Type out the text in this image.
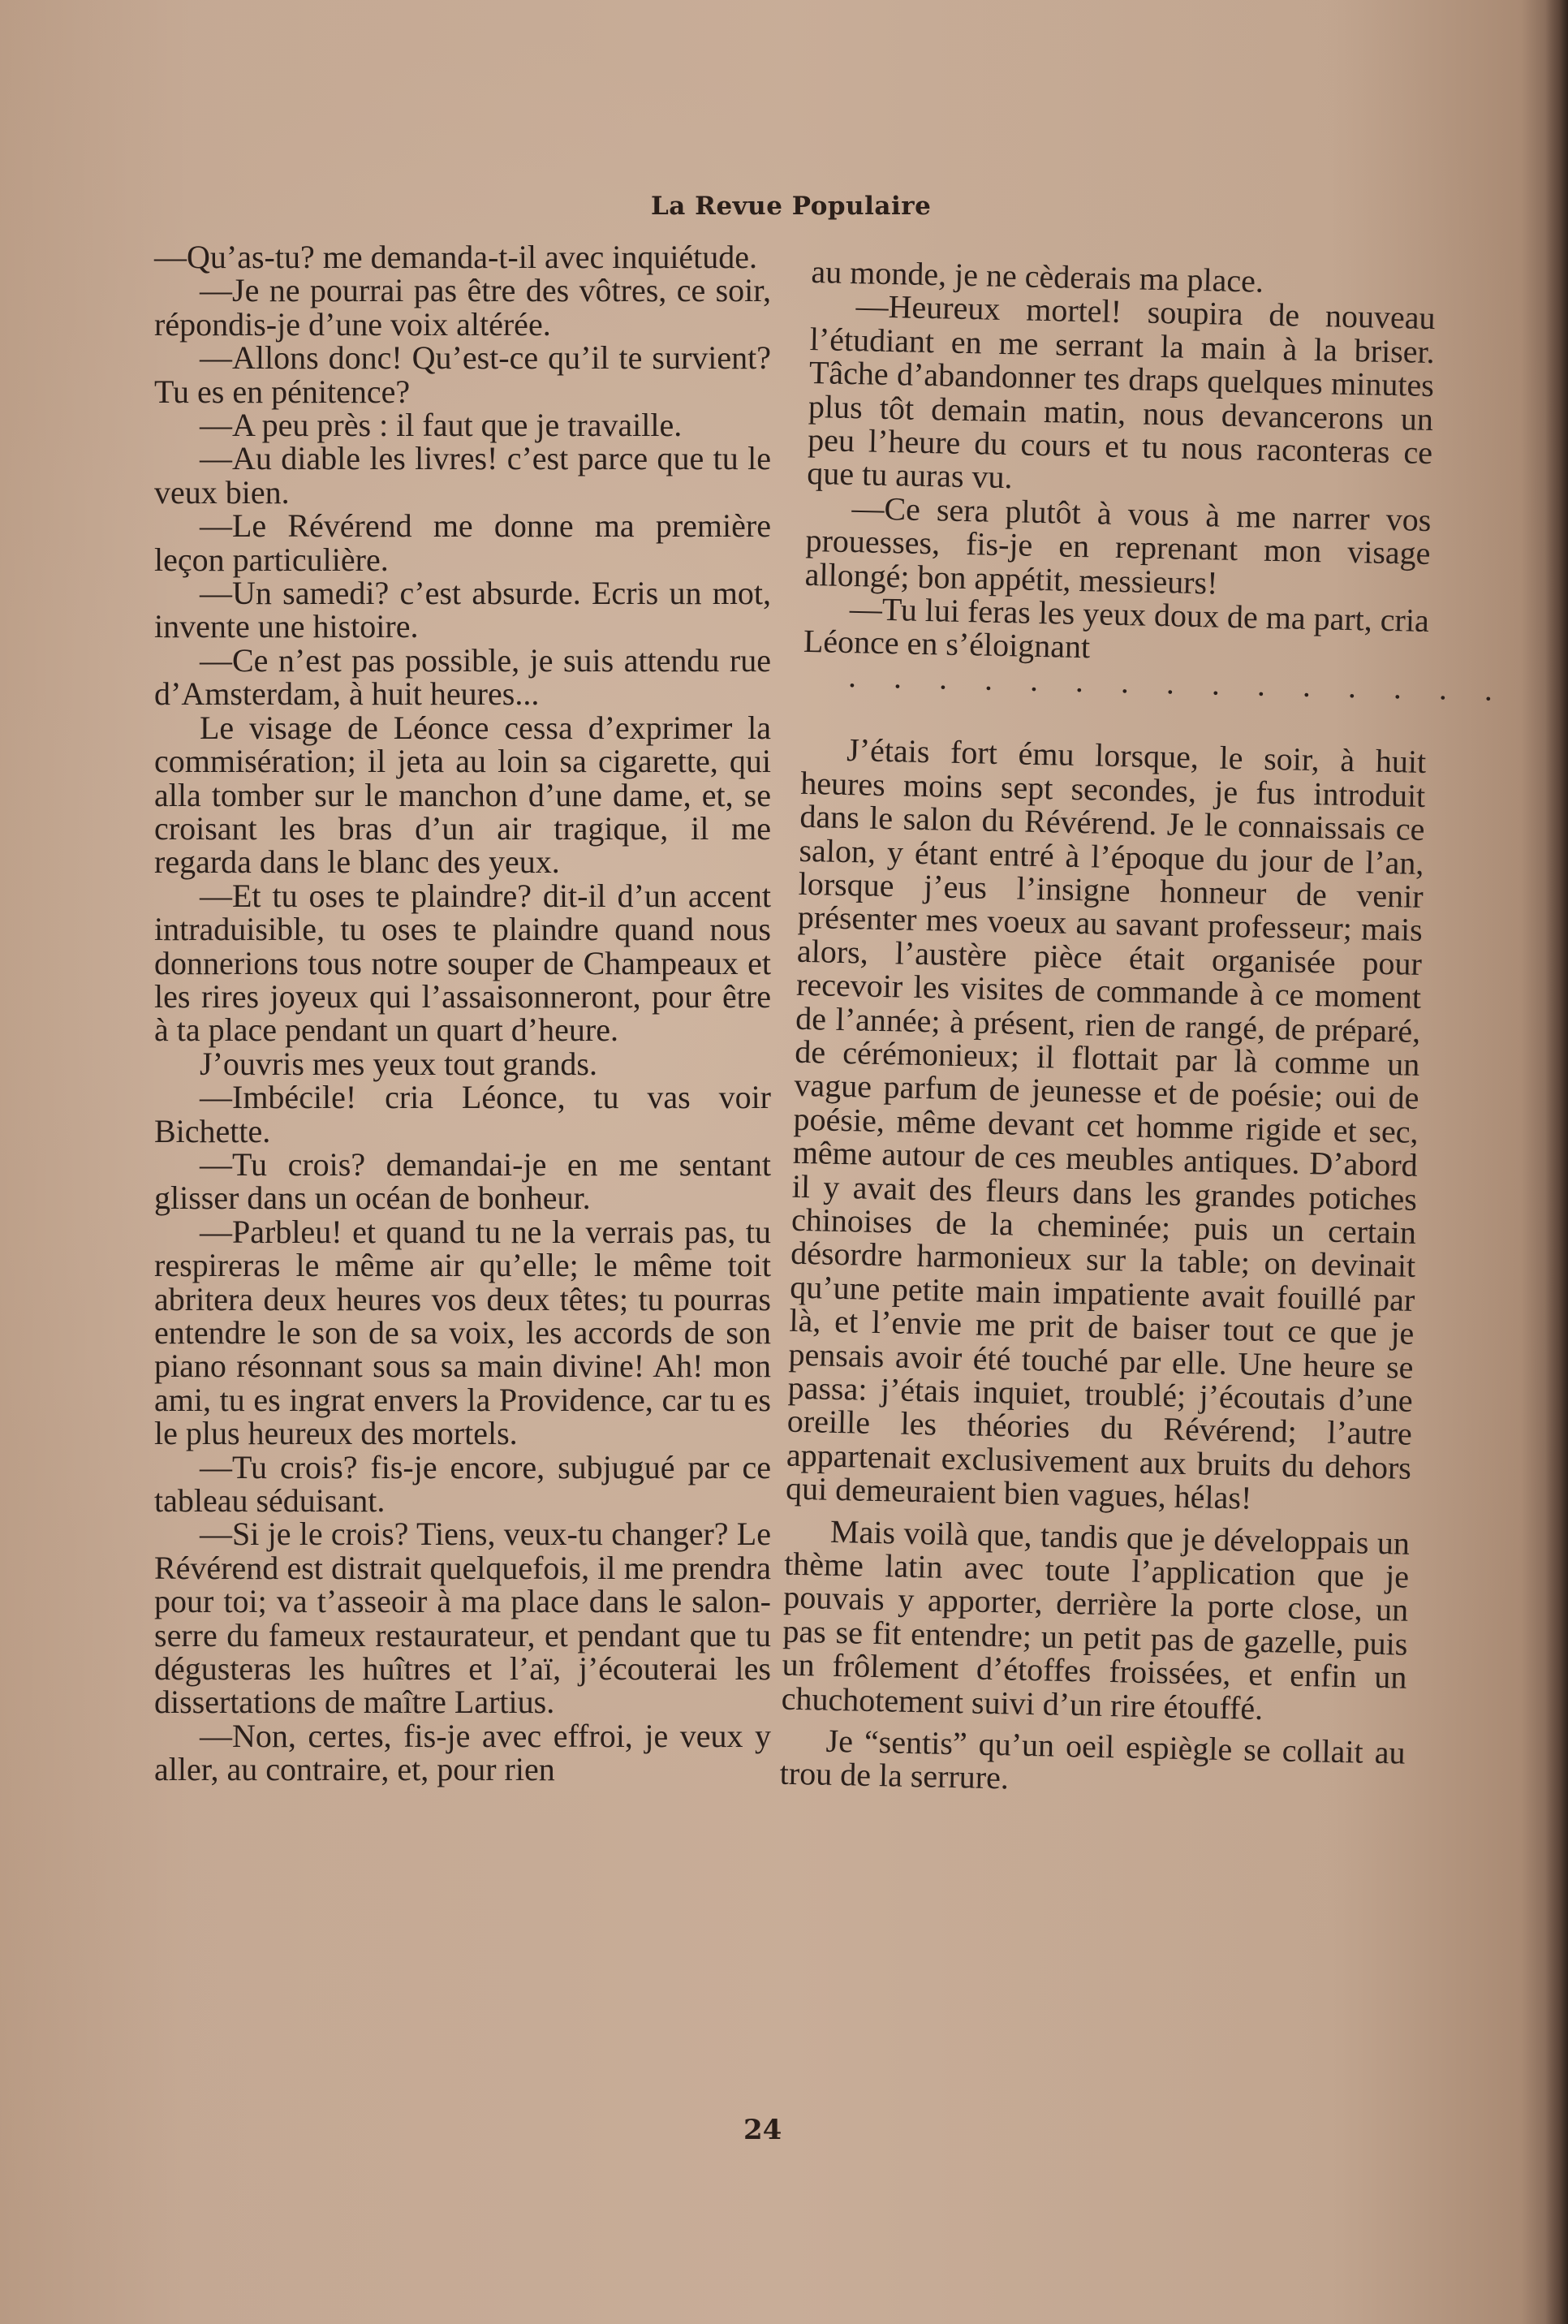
La Revue Populaire

—Qu’as-tu? me demanda-t-il avec inquiétude.

—Je ne pourrai pas être des vôtres, ce soir, répondis-je d’une voix altérée.

—Allons donc! Qu’est-ce qu’il te survient? Tu es en pénitence?

—A peu près : il faut que je travaille.

—Au diable les livres! c’est parce que tu le veux bien.

—Le Révérend me donne ma première leçon particulière.

—Un samedi? c’est absurde. Ecris un mot, invente une histoire.

—Ce n’est pas possible, je suis attendu rue d’Amsterdam, à huit heures...

Le visage de Léonce cessa d’exprimer la commisération; il jeta au loin sa cigarette, qui alla tomber sur le manchon d’une dame, et, se croisant les bras d’un air tragique, il me regarda dans le blanc des yeux.

—Et tu oses te plaindre? dit-il d’un accent intraduisible, tu oses te plaindre quand nous donnerions tous notre souper de Champeaux et les rires joyeux qui l’assaisonneront, pour être à ta place pendant un quart d’heure.

J’ouvris mes yeux tout grands.

—Imbécile! cria Léonce, tu vas voir Bichette.

—Tu crois? demandai-je en me sentant glisser dans un océan de bonheur.

—Parbleu! et quand tu ne la verrais pas, tu respireras le même air qu’elle; le même toit abritera deux heures vos deux têtes; tu pourras entendre le son de sa voix, les accords de son piano résonnant sous sa main divine! Ah! mon ami, tu es ingrat envers la Providence, car tu es le plus heureux des mortels.

—Tu crois? fis-je encore, subjugué par ce tableau séduisant.

—Si je le crois? Tiens, veux-tu changer? Le Révérend est distrait quelquefois, il me prendra pour toi; va t’asseoir à ma place dans le salon-serre du fameux restaurateur, et pendant que tu dégusteras les huîtres et l’aï, j’écouterai les dissertations de maître Lartius.

—Non, certes, fis-je avec effroi, je veux y aller, au contraire, et, pour rien

au monde, je ne cèderais ma place.

—Heureux mortel! soupira de nouveau l’étudiant en me serrant la main à la briser. Tâche d’abandonner tes draps quelques minutes plus tôt demain matin, nous devancerons un peu l’heure du cours et tu nous raconteras ce que tu auras vu.

—Ce sera plutôt à vous à me narrer vos prouesses, fis-je en reprenant mon visage allongé; bon appétit, messieurs!

—Tu lui feras les yeux doux de ma part, cria Léonce en s’éloignant

. . . . . . . . . . . . . . .

J’étais fort ému lorsque, le soir, à huit heures moins sept secondes, je fus introduit dans le salon du Révérend. Je le connaissais ce salon, y étant entré à l’époque du jour de l’an, lorsque j’eus l’insigne honneur de venir présenter mes voeux au savant professeur; mais alors, l’austère pièce était organisée pour recevoir les visites de commande à ce moment de l’année; à présent, rien de rangé, de préparé, de cérémonieux; il flottait par là comme un vague parfum de jeunesse et de poésie; oui de poésie, même devant cet homme rigide et sec, même autour de ces meubles antiques. D’abord il y avait des fleurs dans les grandes potiches chinoises de la cheminée; puis un certain désordre harmonieux sur la table; on devinait qu’une petite main impatiente avait fouillé par là, et l’envie me prit de baiser tout ce que je pensais avoir été touché par elle. Une heure se passa: j’étais inquiet, troublé; j’écoutais d’une oreille les théories du Révérend; l’autre appartenait exclusivement aux bruits du dehors qui demeuraient bien vagues, hélas!

Mais voilà que, tandis que je développais un thème latin avec toute l’application que je pouvais y apporter, derrière la porte close, un pas se fit entendre; un petit pas de gazelle, puis un frôlement d’étoffes froissées, et enfin un chuchotement suivi d’un rire étouffé.

Je “sentis” qu’un oeil espiègle se collait au trou de la serrure.

24
